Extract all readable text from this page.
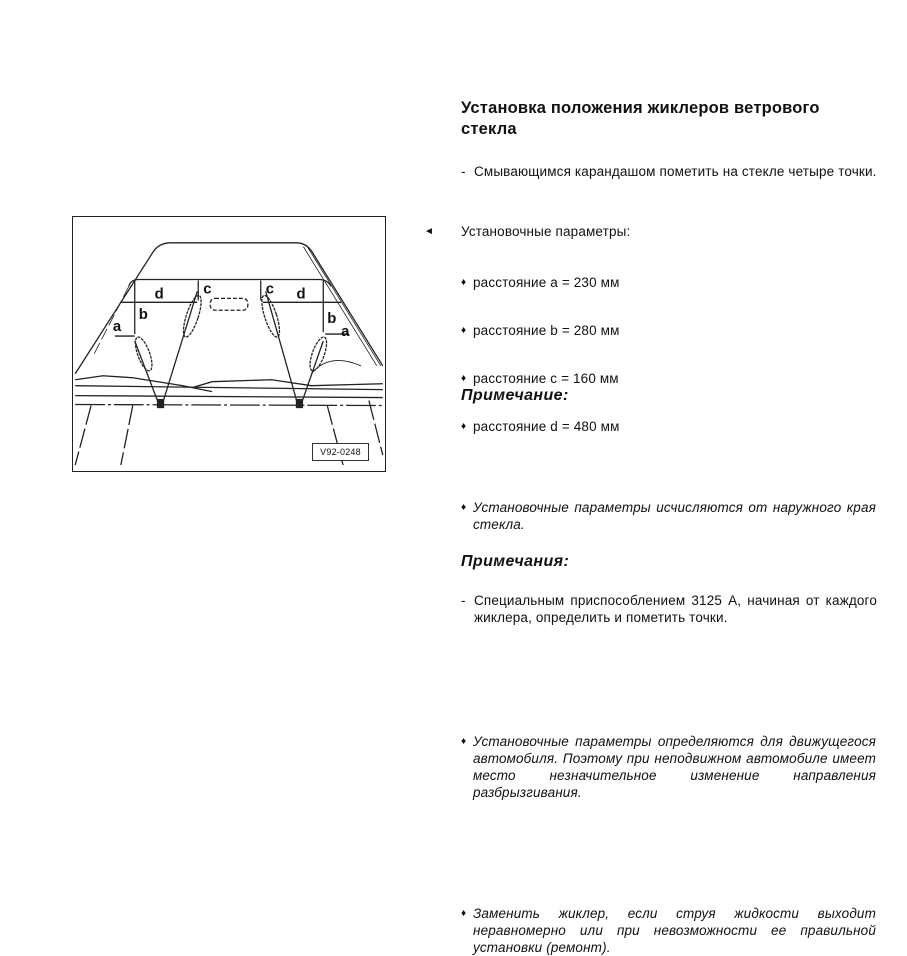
a
b
d	c	c d
b
a
V92-0248
◄
Установка положения жиклеров ветрового стекла
- Смывающимся карандашом пометить на стекле четыре точки.
Установочные параметры:
♦ расстояние a = 230 мм
♦ расстояние b = 280 мм
♦ расстояние c = 160 мм
♦ расстояние d = 480 мм
Примечание:
♦ Установочные параметры исчисляются от наружного края стекла.
- Специальным приспособлением 3125 А, начиная от каждого жиклера, определить и пометить точки.
Примечания:
♦ Установочные параметры определяются для движущегося автомобиля. Поэтому при неподвижном автомобиле имеет место незначительное изменение направления разбрызгивания.
♦ Заменить жиклер, если струя жидкости выходит неравномерно или при невозможности ее правильной установки (ремонт).
